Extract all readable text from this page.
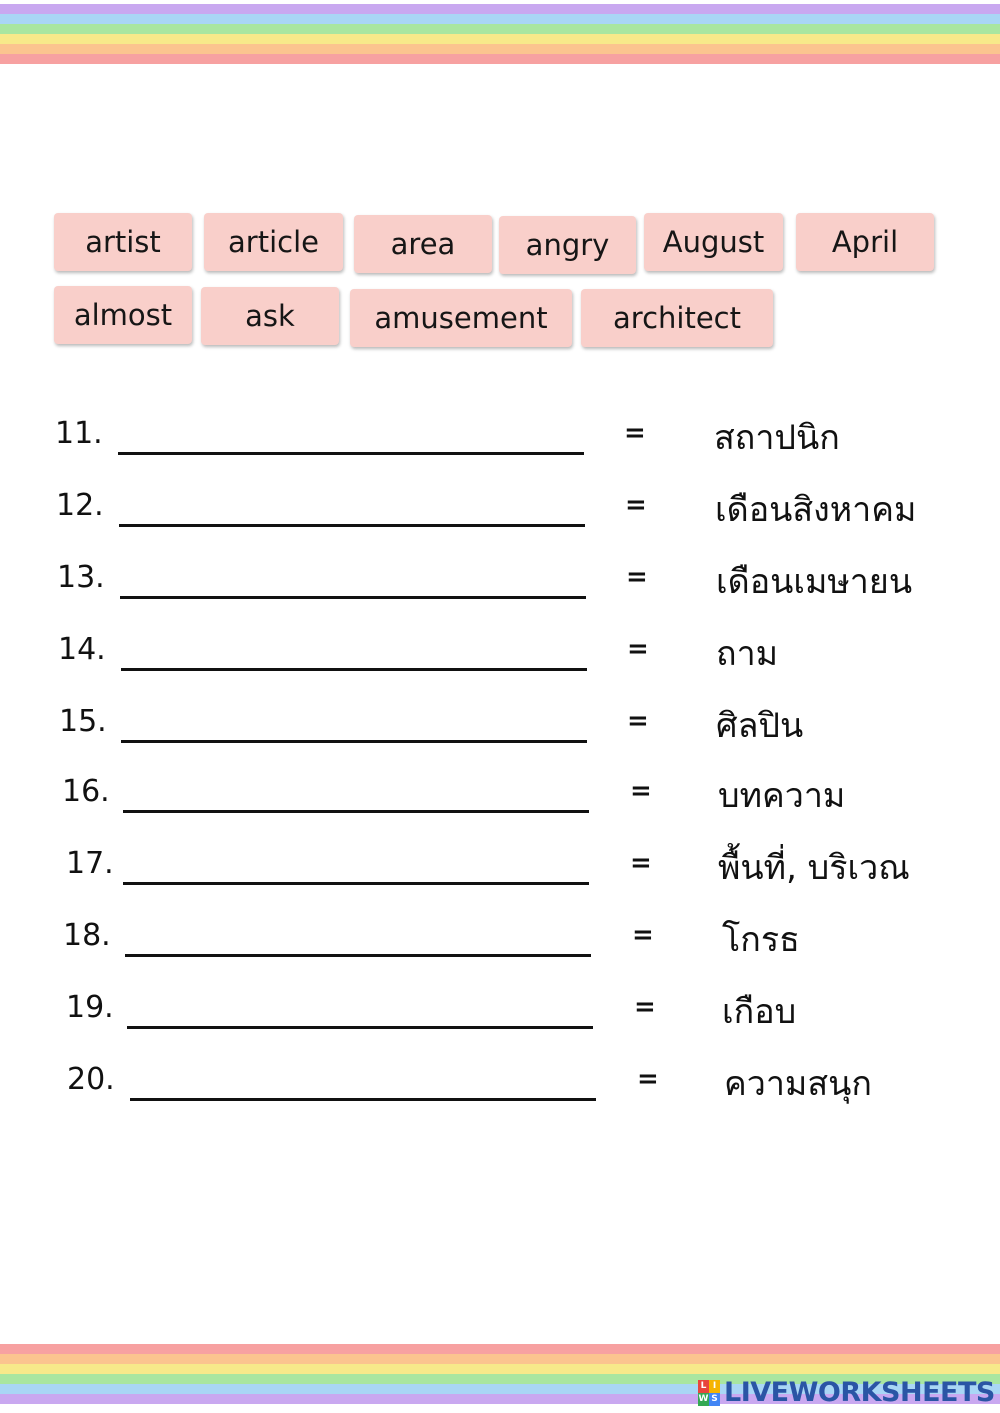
artist	article	area	angry	August	April
almost	ask	amusement	architect
11.	= สถาปนิก
12.	= เดือนสิงหาคม
13.	= เดือนเมษายน
14.	= ถาม
15.	= ศิลปิน
16.	= บทความ
17.	= พื้นที่, บริเวณ
18.	= โกรธ
19.	= เกือบ
20.	= ความสนุก
L I
W S LIVEWORKSHEETS
